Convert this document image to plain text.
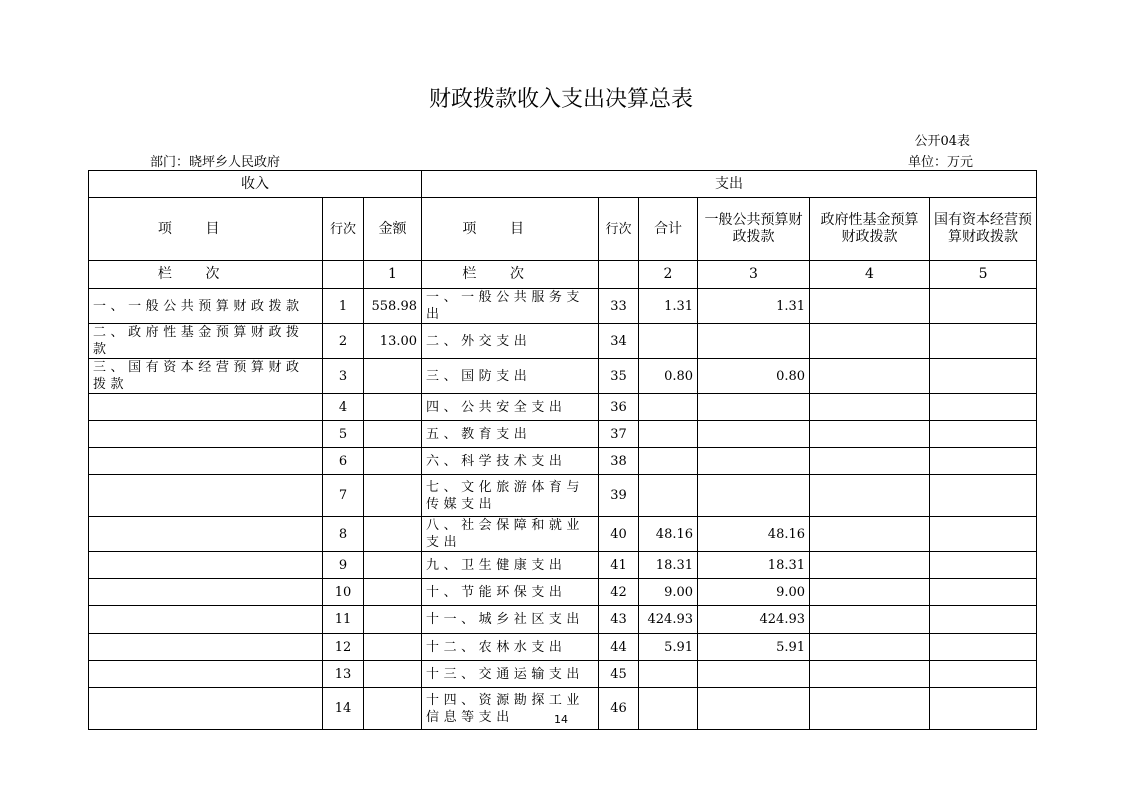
财政拨款收入支出决算总表
公开04表
部门：晓坪乡人民政府	单位：万元
收入			支出					
项目	行次	金额	项目	行次	合计	一般公共预算财政拨款	政府性基金预算财政拨款	国有资本经营预算财政拨款
栏次		1	栏次		2	3	4	5
一、一般公共预算财政拨款	1	558.98	一、一般公共服务支出	33	1.31	1.31		
二、政府性基金预算财政拨款	2	13.00	二、外交支出	34				
三、国有资本经营预算财政拨款	3		三、国防支出	35	0.80	0.80		
	4		四、公共安全支出	36				
	5		五、教育支出	37				
	6		六、科学技术支出	38				
	7		七、文化旅游体育与传媒支出	39				
	8		八、社会保障和就业支出	40	48.16	48.16		
	9		九、卫生健康支出	41	18.31	18.31		
	10		十、节能环保支出	42	9.00	9.00		
	11		十一、城乡社区支出	43	424.93	424.93		
	12		十二、农林水支出	44	5.91	5.91		
	13		十三、交通运输支出	45				
	14		十四、资源勘探工业信息等支出	46				
14
